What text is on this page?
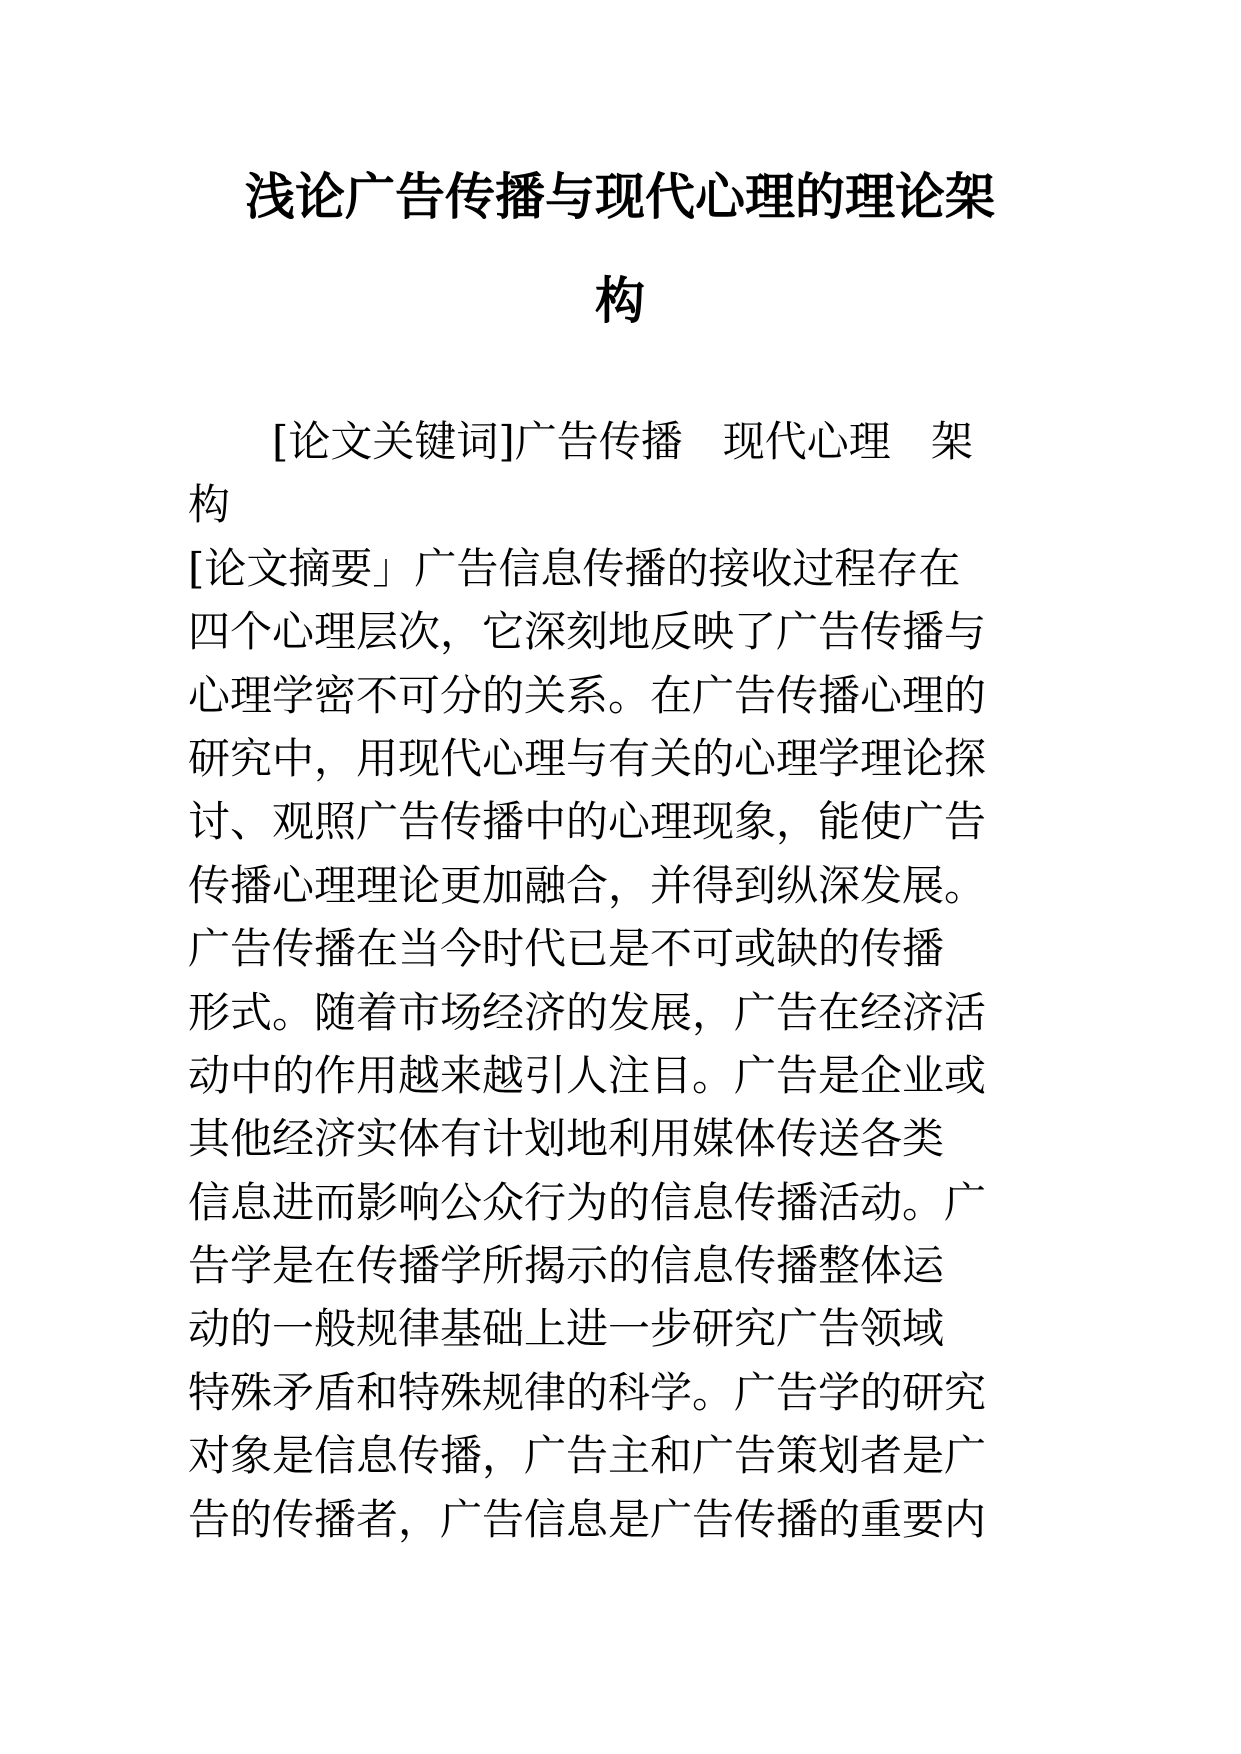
浅论广告传播与现代心理的理论架
构
[论文关键词]广告传播 现代心理 架
构
[论文摘要」广告信息传播的接收过程存在
四个心理层次，它深刻地反映了广告传播与
心理学密不可分的关系。在广告传播心理的
研究中，用现代心理与有关的心理学理论探
讨、观照广告传播中的心理现象，能使广告
传播心理理论更加融合，并得到纵深发展。
广告传播在当今时代已是不可或缺的传播
形式。随着市场经济的发展，广告在经济活
动中的作用越来越引人注目。广告是企业或
其他经济实体有计划地利用媒体传送各类
信息进而影响公众行为的信息传播活动。广
告学是在传播学所揭示的信息传播整体运
动的一般规律基础上进一步研究广告领域
特殊矛盾和特殊规律的科学。广告学的研究
对象是信息传播，广告主和广告策划者是广
告的传播者，广告信息是广告传播的重要内
